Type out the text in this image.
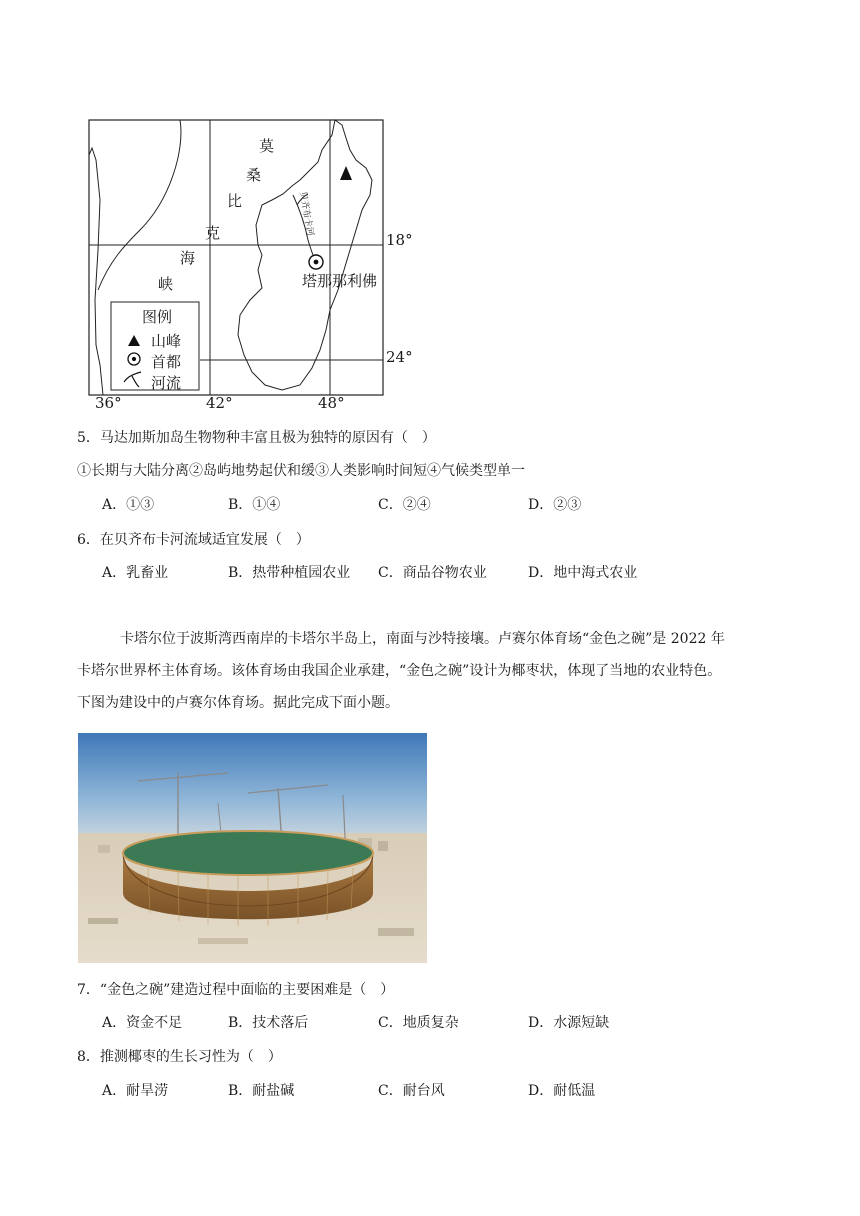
贝齐布卡河
莫
桑
比
克
海
峡	塔那那利佛
18°
24°
36°	42°	48°
图例
山峰
首都
河流
5．马达加斯加岛生物物种丰富且极为独特的原因有（　）
①长期与大陆分离②岛屿地势起伏和缓③人类影响时间短④气候类型单一
A．①③	B．①④	C．②④	D．②③
6．在贝齐布卡河流域适宜发展（　）
A．乳畜业	B．热带种植园农业 C．商品谷物农业	D．地中海式农业
卡塔尔位于波斯湾西南岸的卡塔尔半岛上，南面与沙特接壤。卢赛尔体育场“金色之碗”是 2022 年
卡塔尔世界杯主体育场。该体育场由我国企业承建，“金色之碗”设计为椰枣状，体现了当地的农业特色。
下图为建设中的卢赛尔体育场。据此完成下面小题。
7．“金色之碗”建造过程中面临的主要困难是（　）
A．资金不足	B．技术落后	C．地质复杂	D．水源短缺
8．推测椰枣的生长习性为（　）
A．耐旱涝	B．耐盐碱	C．耐台风	D．耐低温
